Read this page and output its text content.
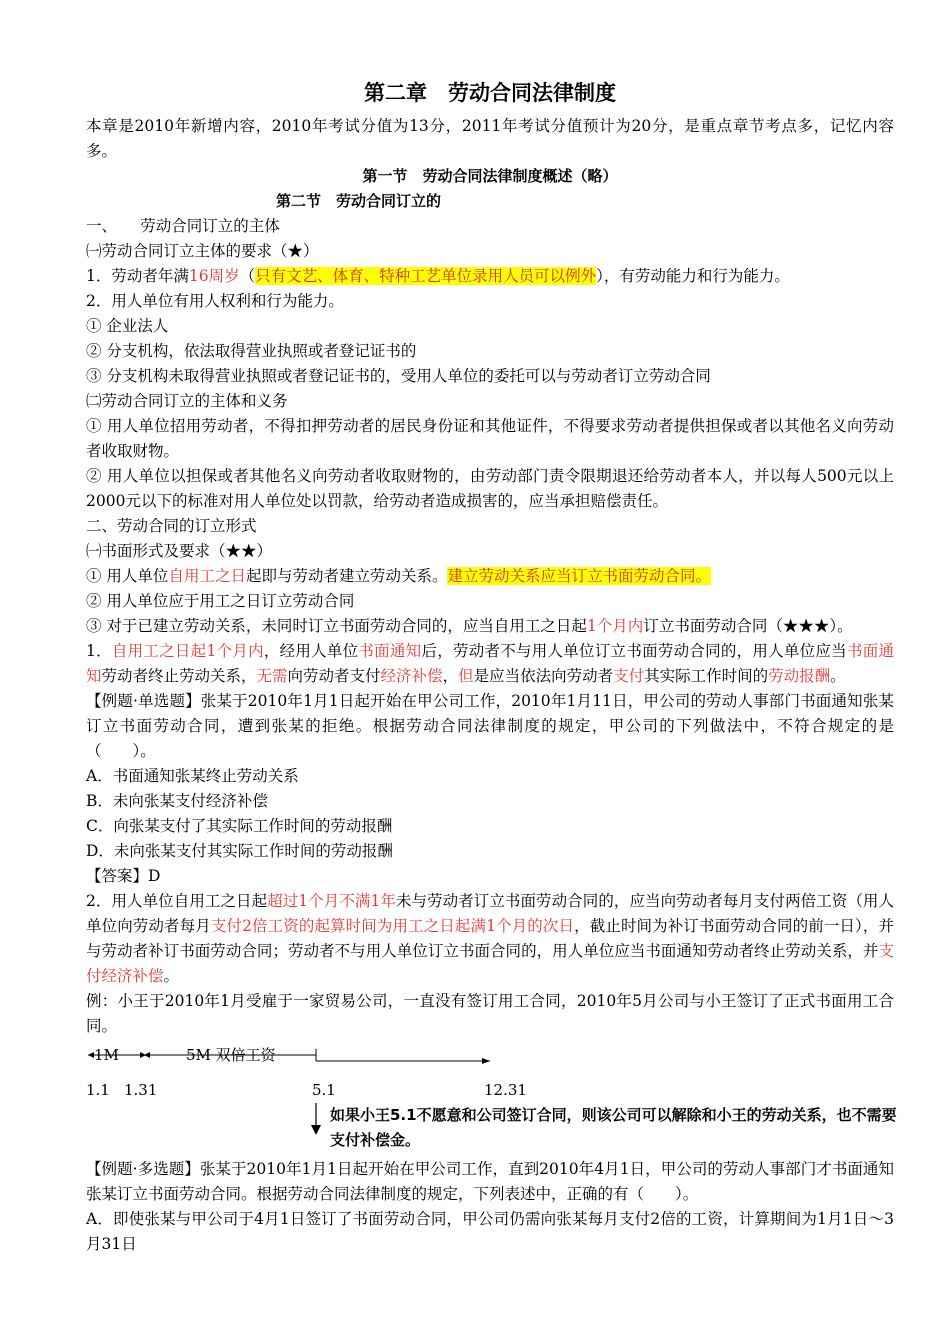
第二章　劳动合同法律制度

本章是2010年新增内容，2010年考试分值为13分，2011年考试分值预计为20分，是重点章节考点多，记忆内容多。

第一节　劳动合同法律制度概述（略）

第二节　劳动合同订立的

一、　　劳动合同订立的主体

㈠劳动合同订立主体的要求（★）

1．劳动者年满16周岁（只有文艺、体育、特种工艺单位录用人员可以例外），有劳动能力和行为能力。

2．用人单位有用人权利和行为能力。

① 企业法人

② 分支机构，依法取得营业执照或者登记证书的

③ 分支机构未取得营业执照或者登记证书的，受用人单位的委托可以与劳动者订立劳动合同

㈡劳动合同订立的主体和义务

① 用人单位招用劳动者，不得扣押劳动者的居民身份证和其他证件，不得要求劳动者提供担保或者以其他名义向劳动者收取财物。

② 用人单位以担保或者其他名义向劳动者收取财物的，由劳动部门责令限期退还给劳动者本人，并以每人500元以上2000元以下的标准对用人单位处以罚款，给劳动者造成损害的，应当承担赔偿责任。

二、劳动合同的订立形式

㈠书面形式及要求（★★）

① 用人单位自用工之日起即与劳动者建立劳动关系。建立劳动关系应当订立书面劳动合同。

② 用人单位应于用工之日订立劳动合同

③ 对于已建立劳动关系，未同时订立书面劳动合同的，应当自用工之日起1个月内订立书面劳动合同（★★★）。

1．自用工之日起1个月内，经用人单位书面通知后，劳动者不与用人单位订立书面劳动合同的，用人单位应当书面通知劳动者终止劳动关系，无需向劳动者支付经济补偿，但是应当依法向劳动者支付其实际工作时间的劳动报酬。

【例题·单选题】张某于2010年1月1日起开始在甲公司工作，2010年1月11日，甲公司的劳动人事部门书面通知张某订立书面劳动合同，遭到张某的拒绝。根据劳动合同法律制度的规定，甲公司的下列做法中，不符合规定的是（　　）。

A．书面通知张某终止劳动关系

B．未向张某支付经济补偿

C．向张某支付了其实际工作时间的劳动报酬

D．未向张某支付其实际工作时间的劳动报酬

【答案】D

2．用人单位自用工之日起超过1个月不满1年未与劳动者订立书面劳动合同的，应当向劳动者每月支付两倍工资（用人单位向劳动者每月支付2倍工资的起算时间为用工之日起满1个月的次日，截止时间为补订书面劳动合同的前一日），并与劳动者补订书面劳动合同；劳动者不与用人单位订立书面合同的，用人单位应当书面通知劳动者终止劳动关系，并支付经济补偿。

例：小王于2010年1月受雇于一家贸易公司，一直没有签订用工合同，2010年5月公司与小王签订了正式书面用工合同。

1M	5M 双倍工资
1.1 1.31	5.1	12.31
如果小王5.1不愿意和公司签订合同，则该公司可以解除和小王的劳动关系，也不需要支付补偿金。

【例题·多选题】张某于2010年1月1日起开始在甲公司工作，直到2010年4月1日，甲公司的劳动人事部门才书面通知张某订立书面劳动合同。根据劳动合同法律制度的规定，下列表述中，正确的有（　　）。

A．即使张某与甲公司于4月1日签订了书面劳动合同，甲公司仍需向张某每月支付2倍的工资，计算期间为1月1日～3月31日
